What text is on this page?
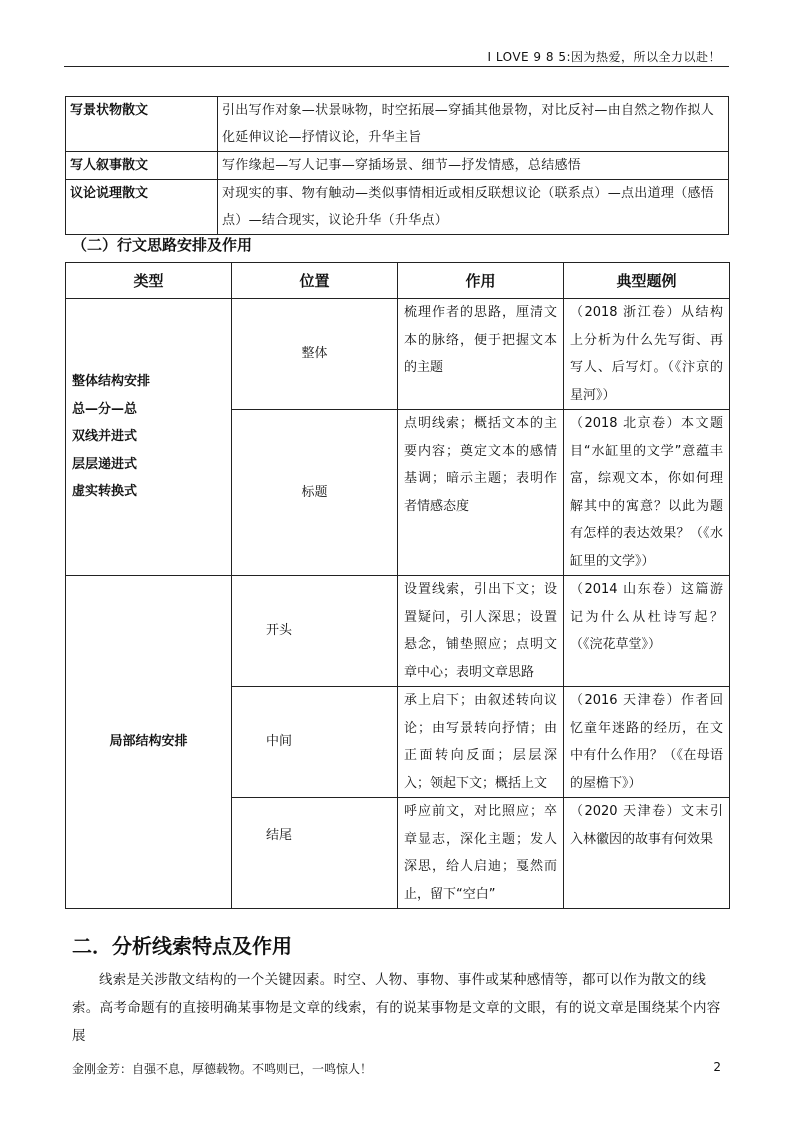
I LOVE 9 8 5:因为热爱，所以全力以赴！
写景状物散文	引出写作对象—状景咏物，时空拓展—穿插其他景物，对比反衬—由自然之物作拟人化延伸议论—抒情议论，升华主旨
写人叙事散文	写作缘起—写人记事—穿插场景、细节—抒发情感，总结感悟
议论说理散文	对现实的事、物有触动—类似事情相近或相反联想议论（联系点）—点出道理（感悟点）—结合现实，议论升华（升华点）
（二）行文思路安排及作用
类型	位置	作用	典型题例

整体结构安排
总—分—总
双线并进式
层层递进式
虚实转换式	整体	梳理作者的思路，厘清文本的脉络，便于把握文本的主题	（2018 浙江卷）从结构上分析为什么先写街、再写人、后写灯。（《汴京的星河》）
	标题	点明线索；概括文本的主要内容；奠定文本的感情基调；暗示主题；表明作者情感态度	（2018 北京卷）本文题目“水缸里的文学”意蕴丰富，综观文本，你如何理解其中的寓意？以此为题有怎样的表达效果？（《水缸里的文学》）
局部结构安排	开头	设置线索，引出下文；设置疑问，引人深思；设置悬念，铺垫照应；点明文章中心；表明文章思路	（2014 山东卷）这篇游记为什么从杜诗写起？（《浣花草堂》）
	中间	承上启下；由叙述转向议论；由写景转向抒情；由正面转向反面；层层深入；领起下文；概括上文	（2016 天津卷）作者回忆童年迷路的经历，在文中有什么作用？（《在母语的屋檐下》）
	结尾	呼应前文，对比照应；卒章显志，深化主题；发人深思，给人启迪；戛然而止，留下“空白”	（2020 天津卷）文末引入林徽因的故事有何效果
二．分析线索特点及作用
线索是关涉散文结构的一个关键因素。时空、人物、事物、事件或某种感情等，都可以作为散文的线索。高考命题有的直接明确某事物是文章的线索，有的说某事物是文章的文眼，有的说文章是围绕某个内容展
金刚金芳：自强不息，厚德载物。不鸣则已，一鸣惊人！	2
